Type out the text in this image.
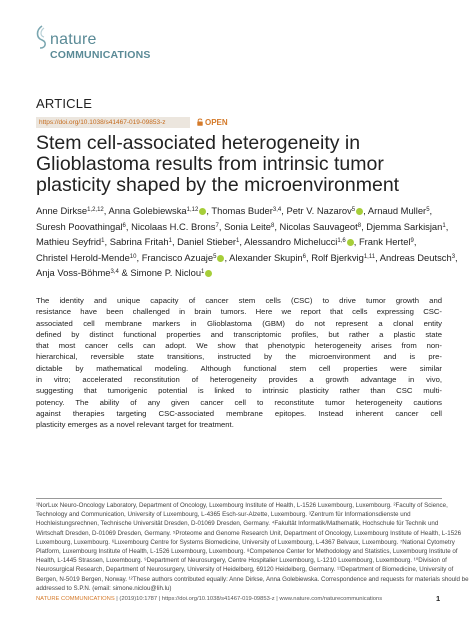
nature
COMMUNICATIONS
ARTICLE
https://doi.org/10.1038/s41467-019-09853-z	OPEN
Stem cell-associated heterogeneity in Glioblastoma results from intrinsic tumor plasticity shaped by the microenvironment

Anne Dirkse$^{1,2,12}$, Anna Golebiewska$^{1,12}$ , Thomas Buder$^{3,4}$, Petr V. Nazarov$^5$ , Arnaud Muller$^5$,

Suresh Poovathingal$^6$, Nicolaas H.C. Brons$^7$, Sonia Leite$^8$, Nicolas Sauvageot$^8$, Djemma Sarkisjan$^1$,

Mathieu Seyfrid$^1$, Sabrina Fritah$^1$, Daniel Stieber$^1$, Alessandro Michelucci$^{1,6}$ , Frank Hertel$^9$,

Christel Herold-Mende$^{10}$, Francisco Azuaje$^5$ , Alexander Skupin$^6$, Rolf Bjerkvig$^{1,11}$, Andreas Deutsch$^3$,

Anja Voss-Böhme$^{3,4}$ & Simone P. Niclou$^1$

The identity and unique capacity of cancer stem cells (CSC) to drive tumor growth and
resistance have been challenged in brain tumors. Here we report that cells expressing CSC-
associated cell membrane markers in Glioblastoma (GBM) do not represent a clonal entity
defined by distinct functional properties and transcriptomic profiles, but rather a plastic state
that most cancer cells can adopt. We show that phenotypic heterogeneity arises from non-
hierarchical, reversible state transitions, instructed by the microenvironment and is pre-
dictable by mathematical modeling. Although functional stem cell properties were similar
in vitro; accelerated reconstitution of heterogeneity provides a growth advantage in vivo,
suggesting that tumorigenic potential is linked to intrinsic plasticity rather than CSC multi-
potency. The ability of any given cancer cell to reconstitute tumor heterogeneity cautions
against therapies targeting CSC-associated membrane epitopes. Instead inherent cancer cell
plasticity emerges as a novel relevant target for treatment.
¹NorLux Neuro-Oncology Laboratory, Department of Oncology, Luxembourg Institute of Health, L-1526 Luxembourg, Luxembourg. ²Faculty of Science,
Technology and Communication, University of Luxembourg, L-4365 Esch-sur-Alzette, Luxembourg. ³Zentrum für Informationsdienste und
Hochleistungsrechnen, Technische Universität Dresden, D-01069 Dresden, Germany. ⁴Fakultät Informatik/Mathematik, Hochschule für Technik und
Wirtschaft Dresden, D-01069 Dresden, Germany. ⁵Proteome and Genome Research Unit, Department of Oncology, Luxembourg Institute of Health, L-1526
Luxembourg, Luxembourg. ⁶Luxembourg Centre for Systems Biomedicine, University of Luxembourg, L-4367 Belvaux, Luxembourg. ⁷National Cytometry
Platform, Luxembourg Institute of Health, L-1526 Luxembourg, Luxembourg. ⁸Competence Center for Methodology and Statistics, Luxembourg Institute of
Health, L-1445 Strassen, Luxembourg. ⁹Department of Neurosurgery, Centre Hospitalier Luxembourg, L-1210 Luxembourg, Luxembourg. ¹⁰Division of
Neurosurgical Research, Department of Neurosurgery, University of Heidelberg, 69120 Heidelberg, Germany. ¹¹Department of Biomedicine, University of
Bergen, N-5019 Bergen, Norway. ¹²These authors contributed equally: Anne Dirkse, Anna Golebiewska. Correspondence and requests for materials should be
addressed to S.P.N. (email: simone.niclou@lih.lu)
NATURE COMMUNICATIONS | (2019)10:1787 | https://doi.org/10.1038/s41467-019-09853-z | www.nature.com/naturecommunications	1
